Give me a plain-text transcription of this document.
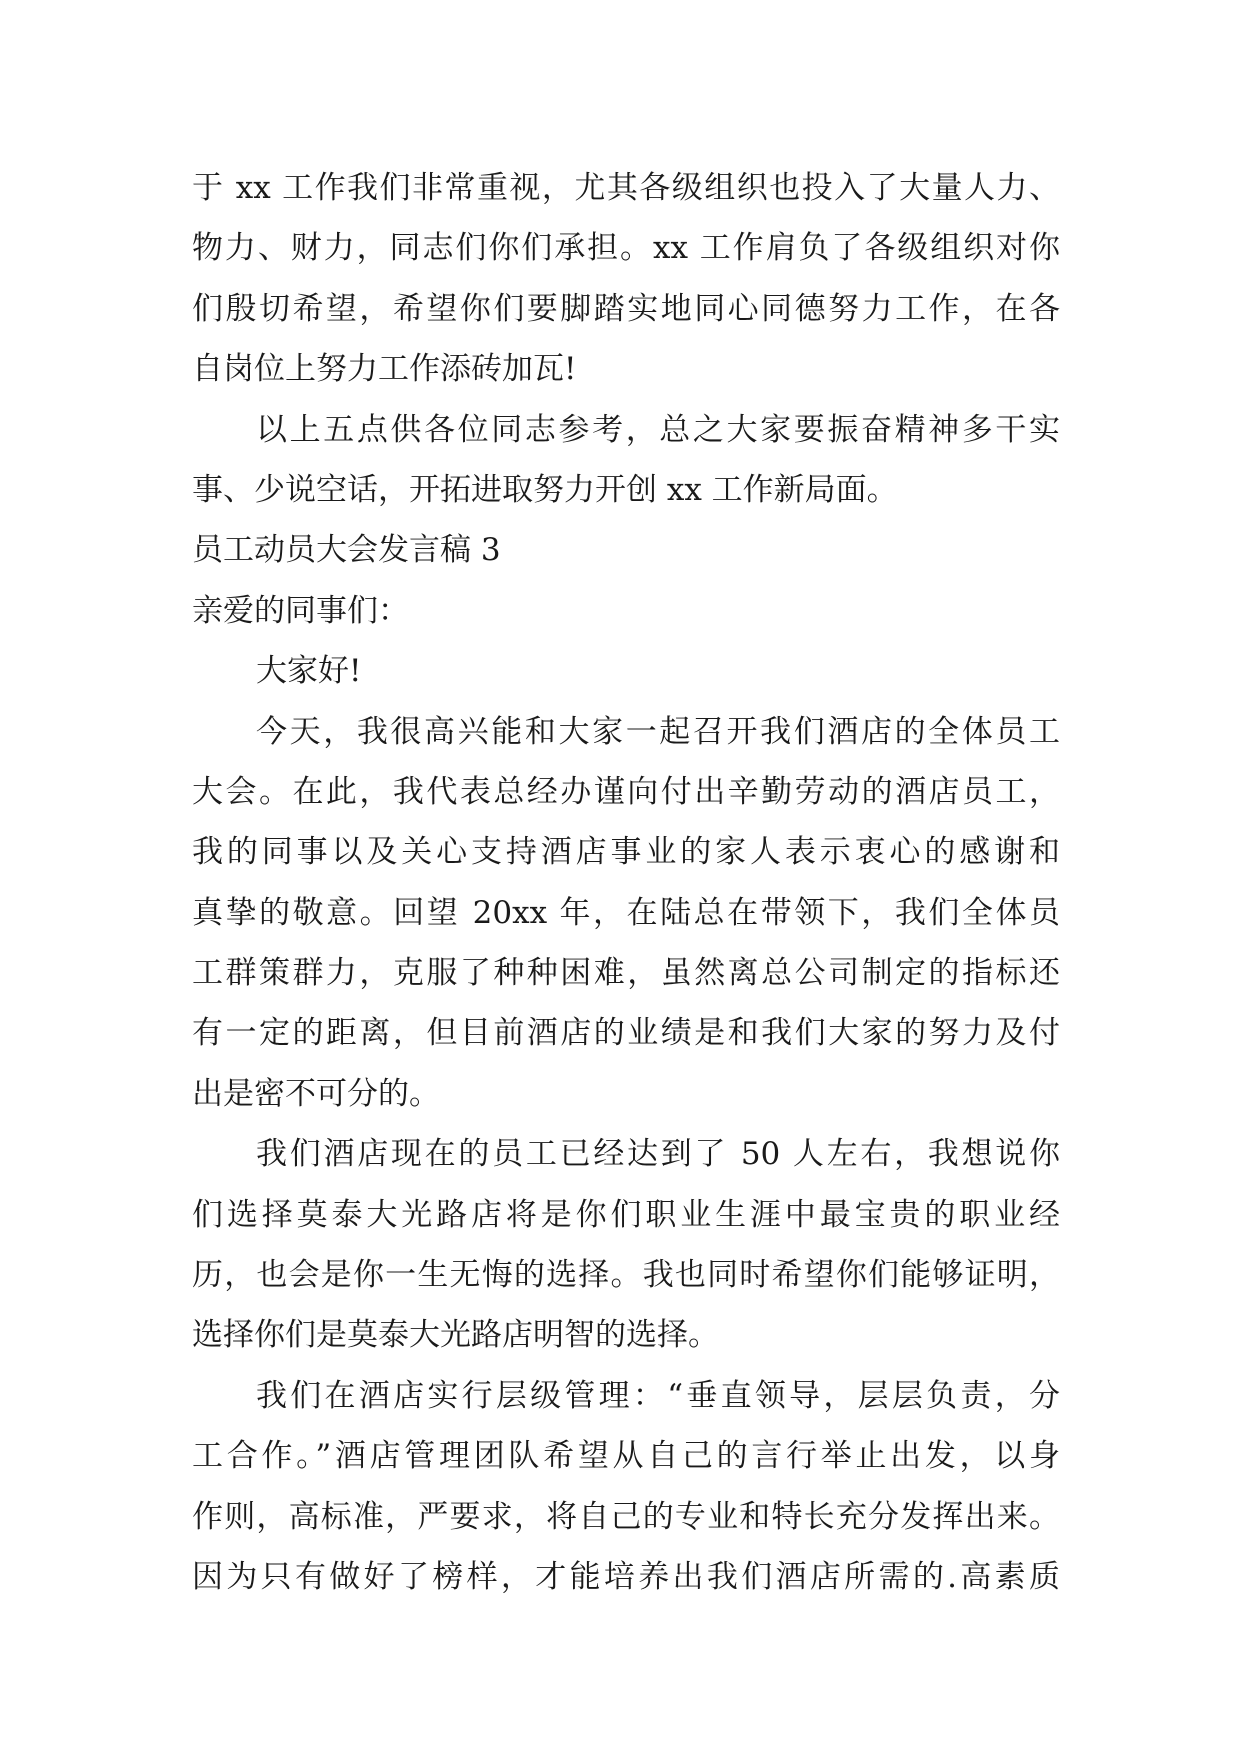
于 xx 工作我们非常重视，尤其各级组织也投入了大量人力、
物力、财力，同志们你们承担。xx 工作肩负了各级组织对你
们殷切希望，希望你们要脚踏实地同心同德努力工作，在各
自岗位上努力工作添砖加瓦!
以上五点供各位同志参考，总之大家要振奋精神多干实
事、少说空话，开拓进取努力开创 xx 工作新局面。
员工动员大会发言稿 3
亲爱的同事们：
大家好!
今天，我很高兴能和大家一起召开我们酒店的全体员工
大会。在此，我代表总经办谨向付出辛勤劳动的酒店员工，
我的同事以及关心支持酒店事业的家人表示衷心的感谢和
真挚的敬意。回望 20xx 年，在陆总在带领下，我们全体员
工群策群力，克服了种种困难，虽然离总公司制定的指标还
有一定的距离，但目前酒店的业绩是和我们大家的努力及付
出是密不可分的。
我们酒店现在的员工已经达到了 50 人左右，我想说你
们选择莫泰大光路店将是你们职业生涯中最宝贵的职业经
历，也会是你一生无悔的选择。我也同时希望你们能够证明，
选择你们是莫泰大光路店明智的选择。
我们在酒店实行层级管理：“垂直领导，层层负责，分
工合作。”酒店管理团队希望从自己的言行举止出发，以身
作则，高标准，严要求，将自己的专业和特长充分发挥出来。
因为只有做好了榜样，才能培养出我们酒店所需的.高素质
